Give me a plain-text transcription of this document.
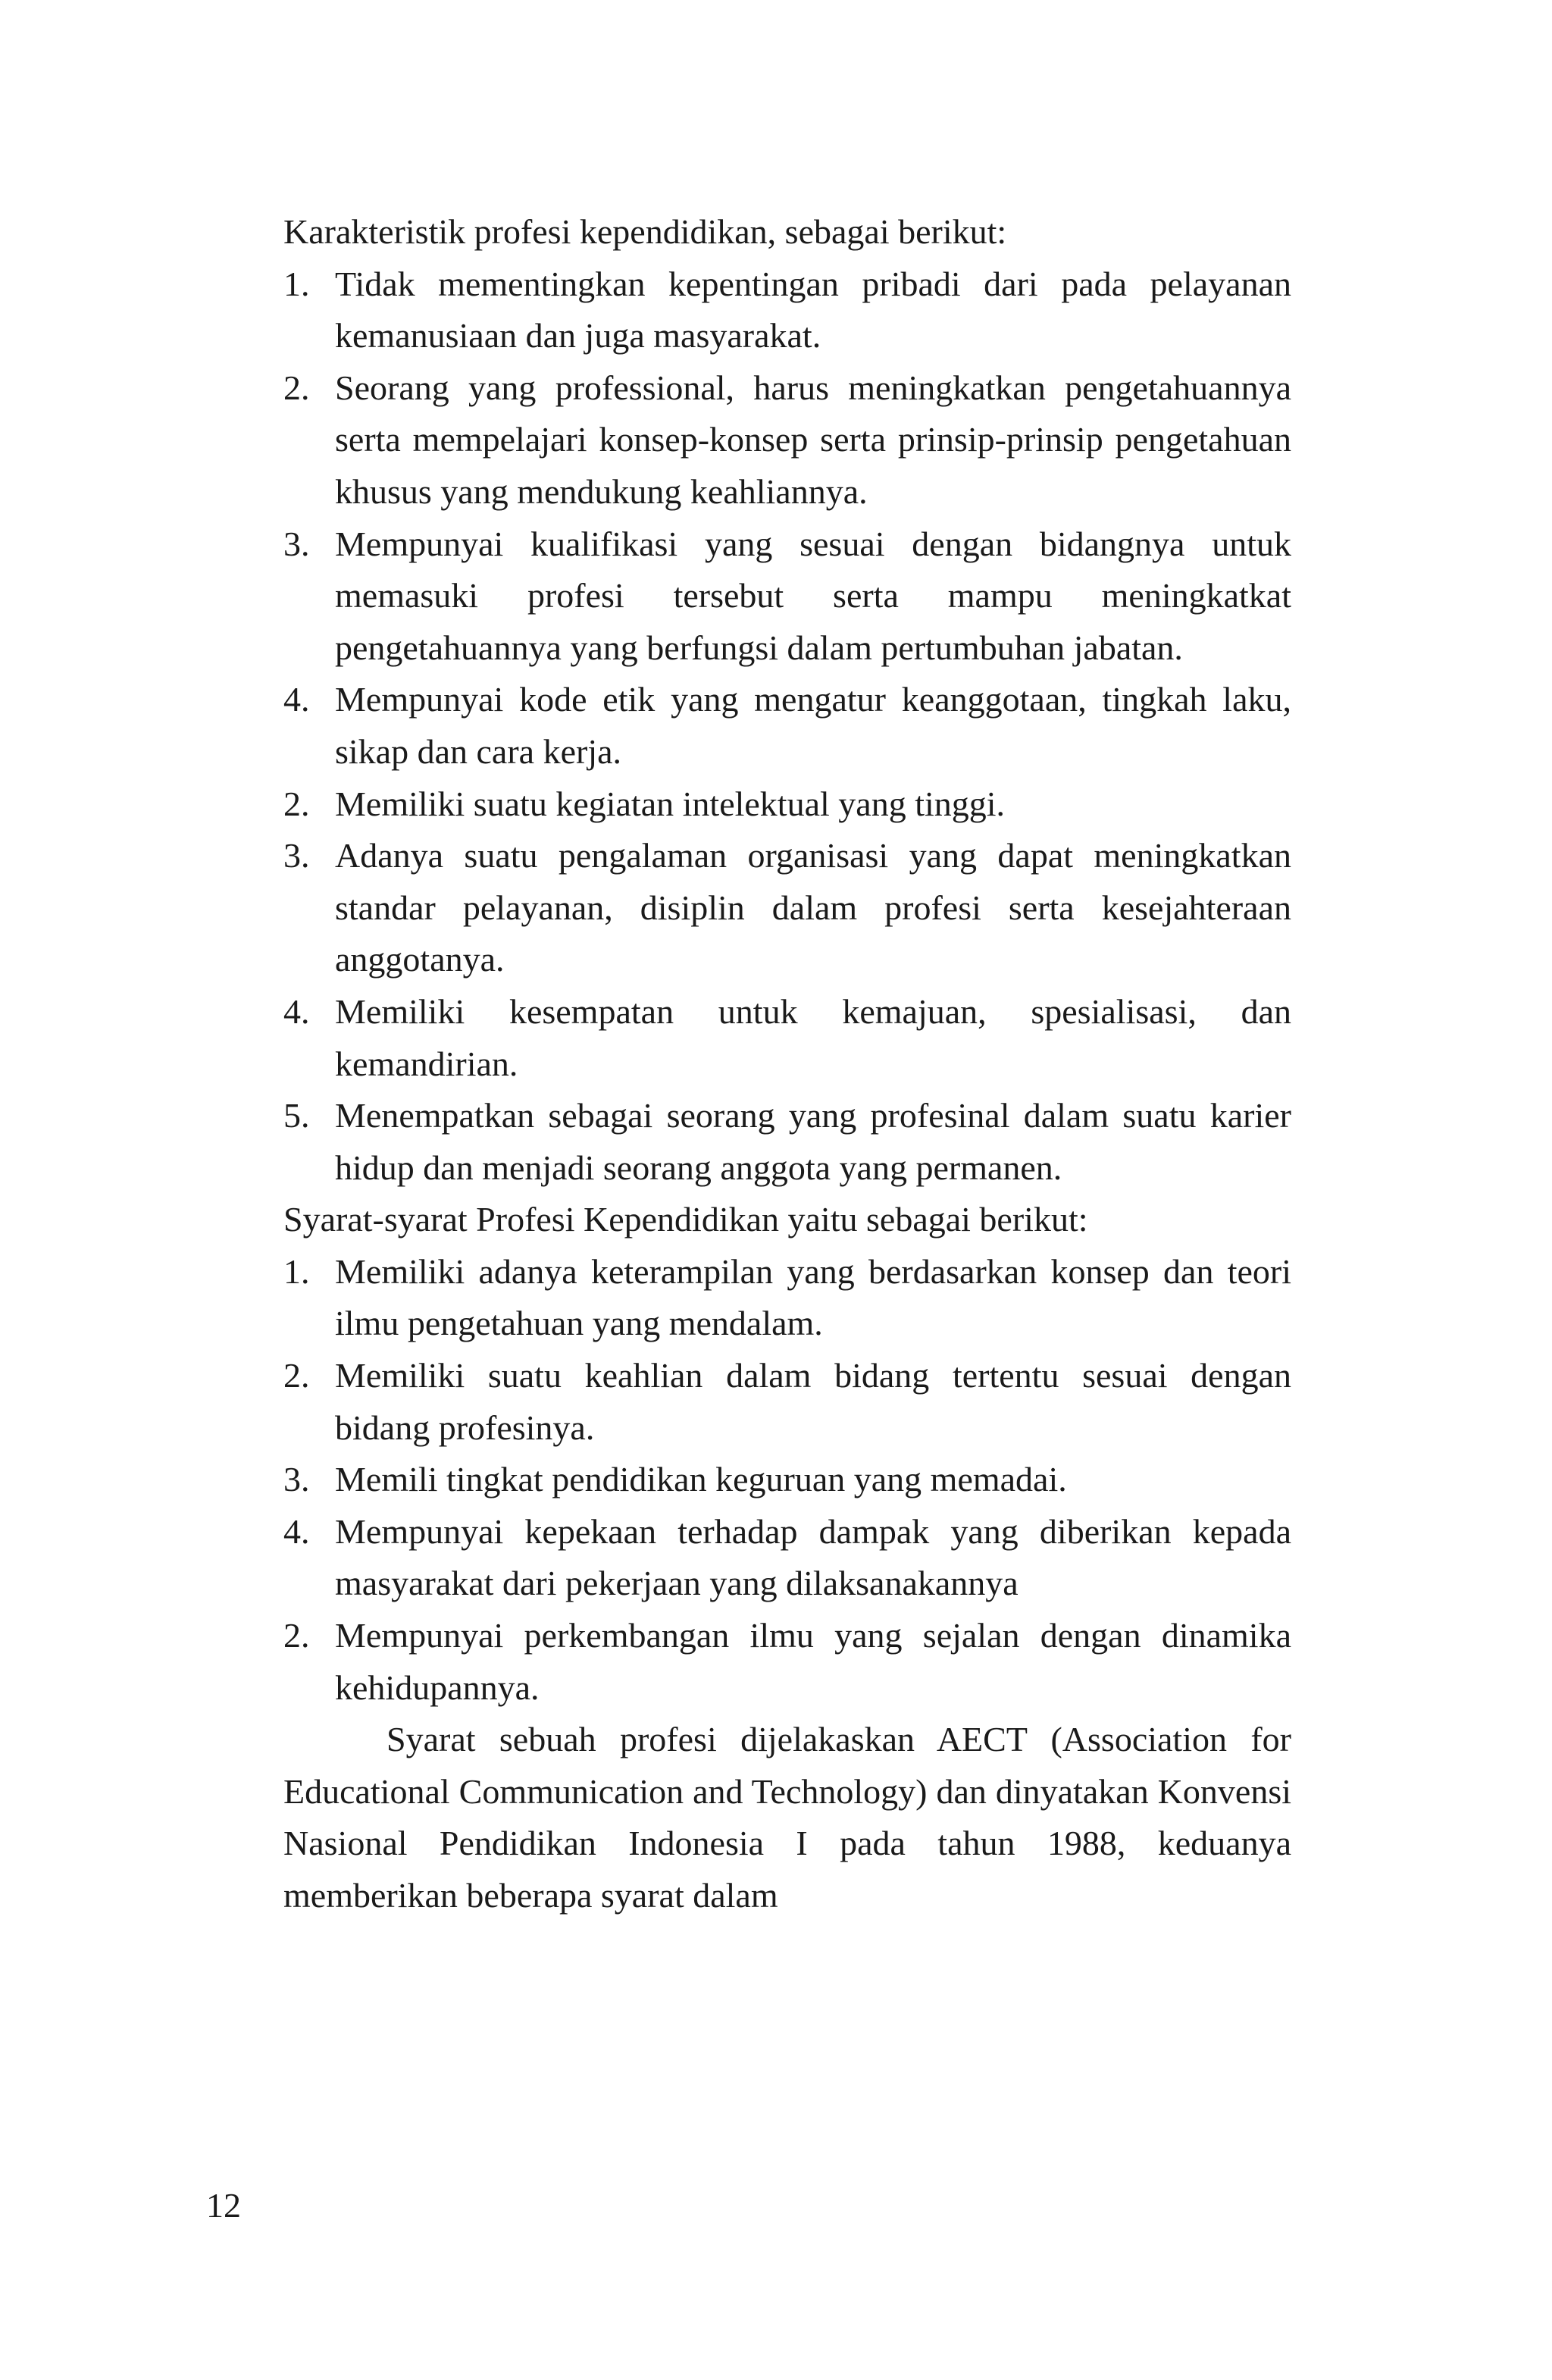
Karakteristik profesi kependidikan, sebagai berikut:

1. Tidak mementingkan kepentingan pribadi dari pada pelayanan kemanusiaan dan juga masyarakat.
2. Seorang yang professional, harus meningkatkan pengetahuannya serta mempelajari konsep-konsep serta prinsip-prinsip pengetahuan khusus yang mendukung keahliannya.
3. Mempunyai kualifikasi yang sesuai dengan bidangnya untuk memasuki profesi tersebut serta mampu meningkatkat pengetahuannya yang berfungsi dalam pertumbuhan jabatan.
4. Mempunyai kode etik yang mengatur keanggotaan, tingkah laku, sikap dan cara kerja.
2. Memiliki suatu kegiatan intelektual yang tinggi.
3. Adanya suatu pengalaman organisasi yang dapat meningkatkan standar pelayanan, disiplin dalam profesi serta kesejahteraan anggotanya.
4. Memiliki kesempatan untuk kemajuan, spesialisasi, dan kemandirian.
5. Menempatkan sebagai seorang yang profesinal dalam suatu karier hidup dan menjadi seorang anggota yang permanen.

Syarat-syarat Profesi Kependidikan yaitu sebagai berikut:

1. Memiliki adanya keterampilan yang berdasarkan konsep dan teori ilmu pengetahuan yang mendalam.
2. Memiliki suatu keahlian dalam bidang tertentu sesuai dengan bidang profesinya.
3. Memili tingkat pendidikan keguruan yang memadai.
4. Mempunyai kepekaan terhadap dampak yang diberikan kepada masyarakat dari pekerjaan yang dilaksanakannya
2. Mempunyai perkembangan ilmu yang sejalan dengan dinamika kehidupannya.

Syarat sebuah profesi dijelakaskan AECT (Association for Educational Communication and Technology) dan dinyatakan Konvensi Nasional Pendidikan Indonesia I pada tahun 1988, keduanya memberikan beberapa syarat dalam

12
